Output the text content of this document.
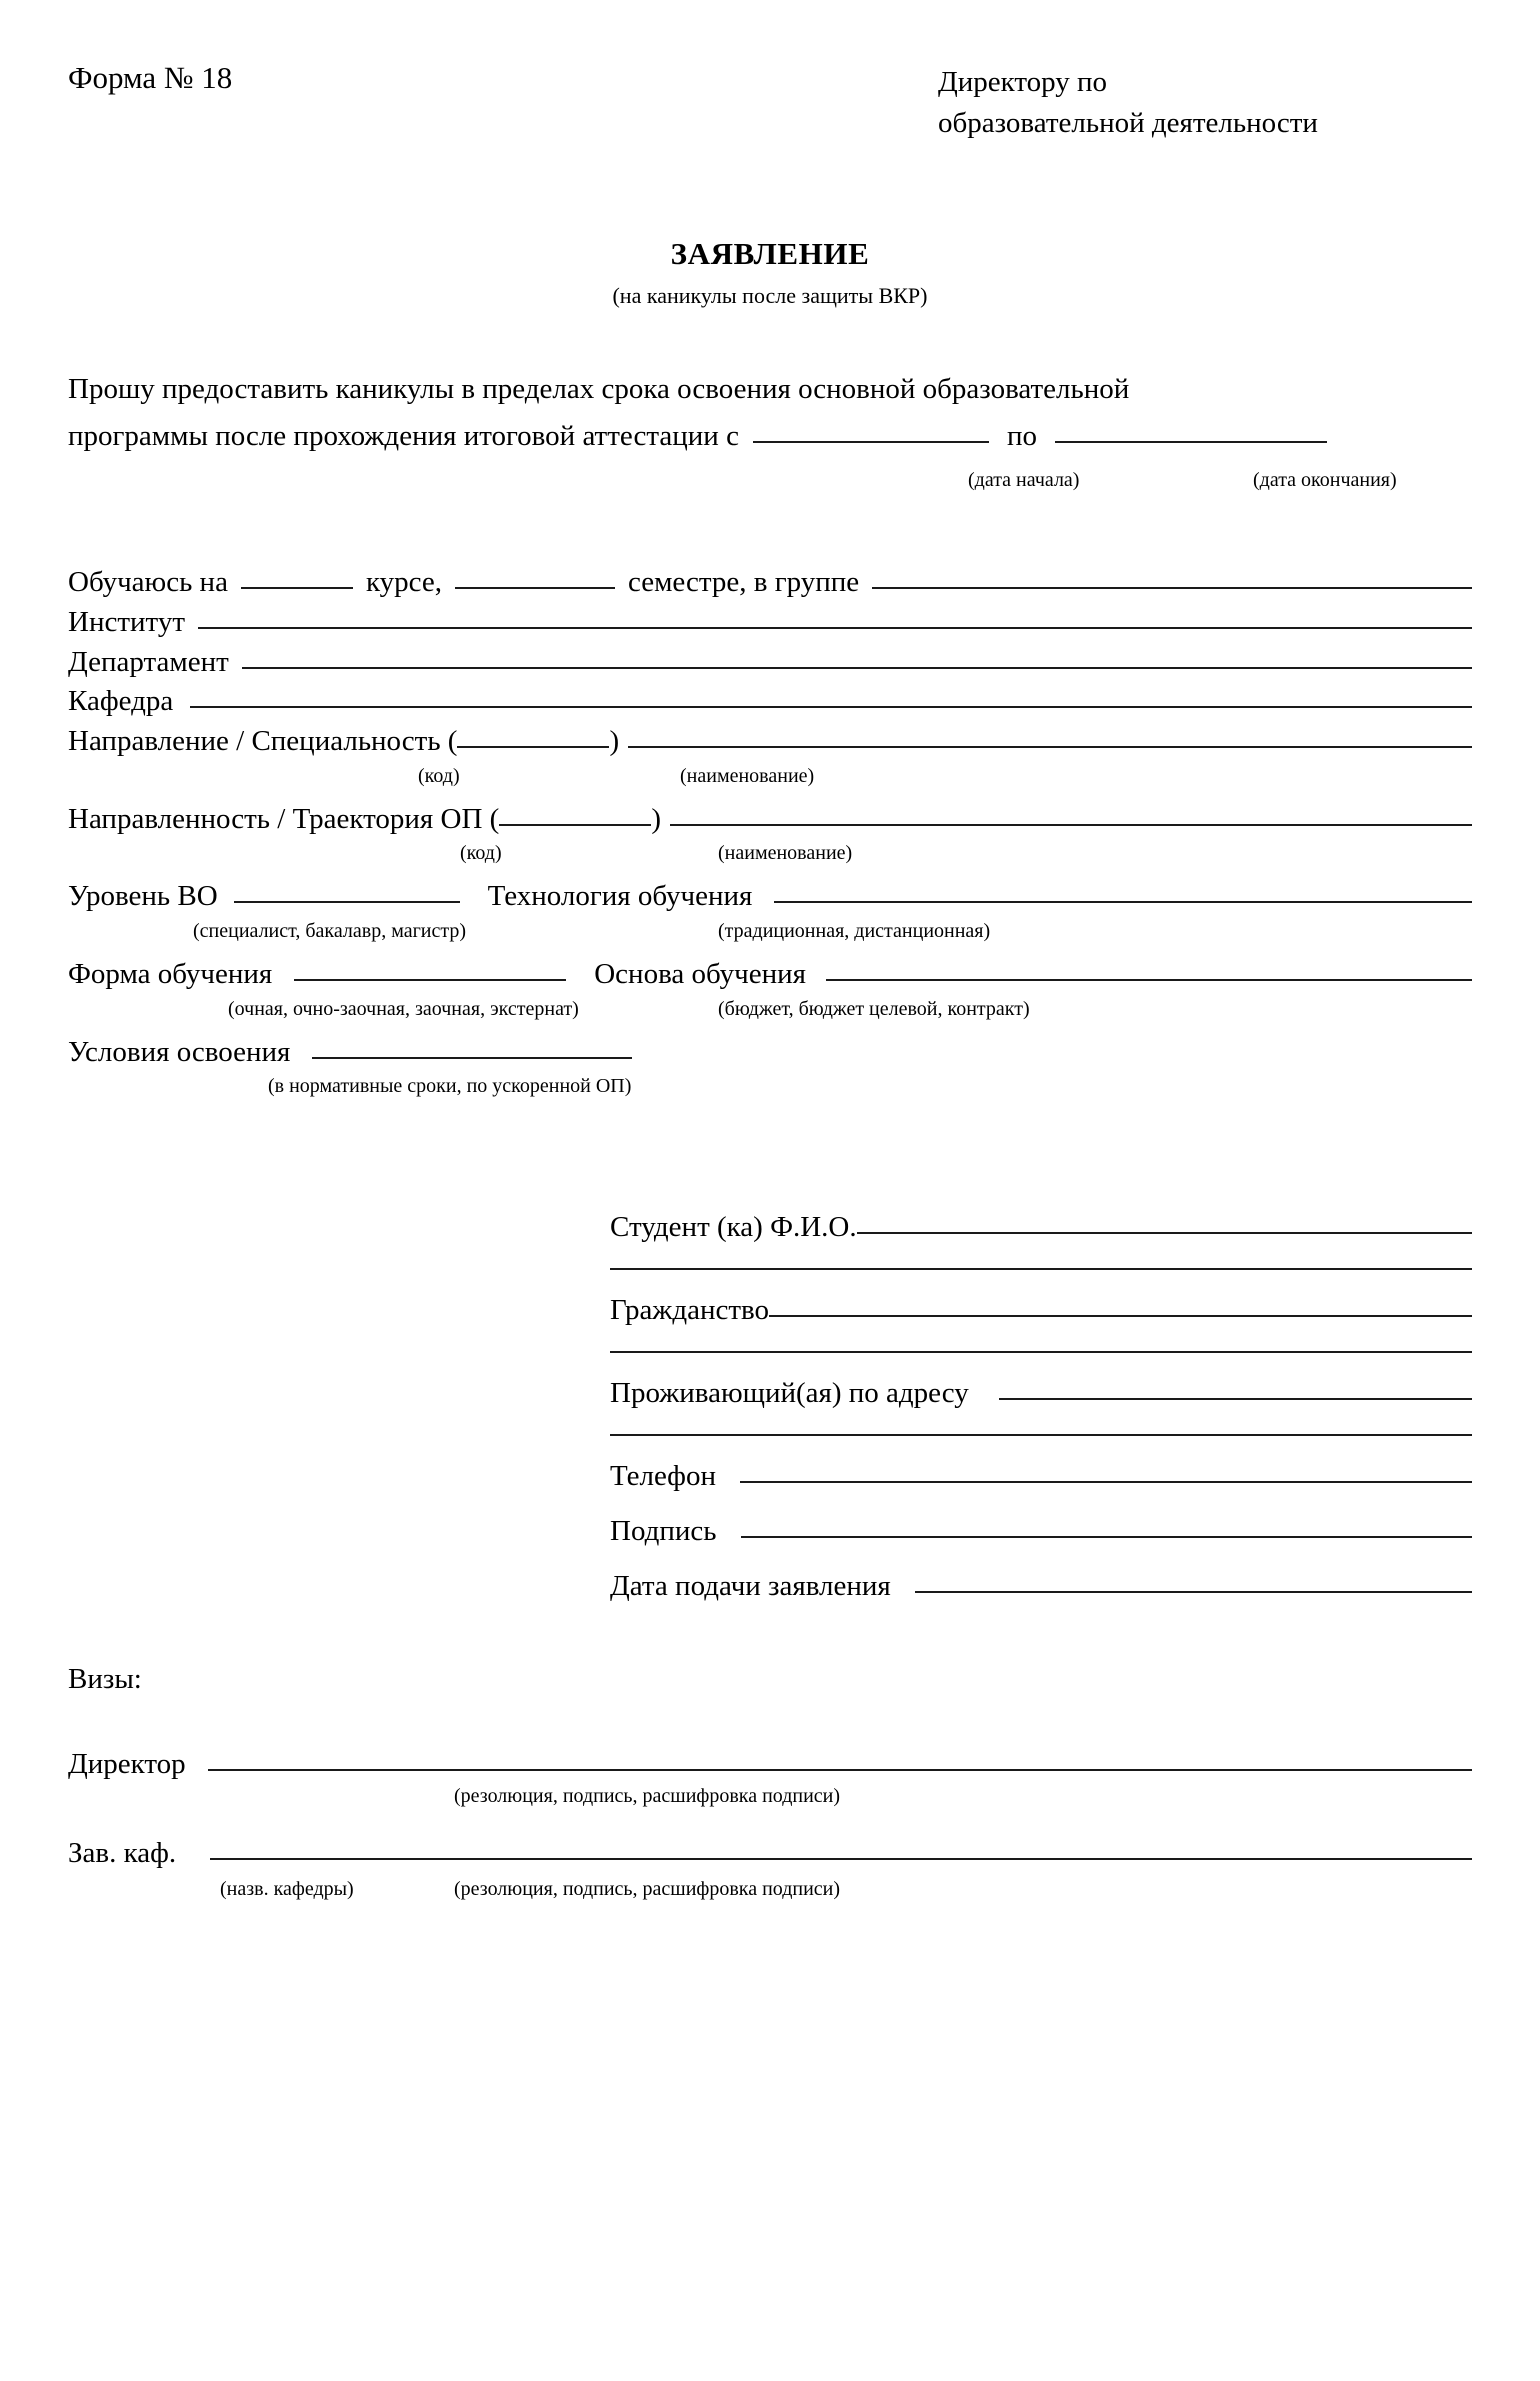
Форма № 18	Директору по
образовательной деятельности
ЗАЯВЛЕНИЕ
(на каникулы после защиты ВКР)
Прошу предоставить каникулы в пределах срока освоения основной образовательной
программы после прохождения итоговой аттестации с	по
(дата начала)	(дата окончания)
Обучаюсь на	курсе,	семестре, в группе
Институт
Департамент
Кафедра
Направление / Специальность (	)
(код)	(наименование)
Направленность / Траектория ОП (	)
(код)	(наименование)
Уровень ВО	Технология обучения
(специалист, бакалавр, магистр)	(традиционная, дистанционная)
Форма обучения	Основа обучения
(очная, очно-заочная, заочная, экстернат)	(бюджет, бюджет целевой, контракт)
Условия освоения
(в нормативные сроки, по ускоренной ОП)
Студент (ка) Ф.И.О.
Гражданство
Проживающий(ая) по адресу
Телефон
Подпись
Дата подачи заявления
Визы:
Директор
(резолюция, подпись, расшифровка подписи)
Зав. каф.
(назв. кафедры)	(резолюция, подпись, расшифровка подписи)
